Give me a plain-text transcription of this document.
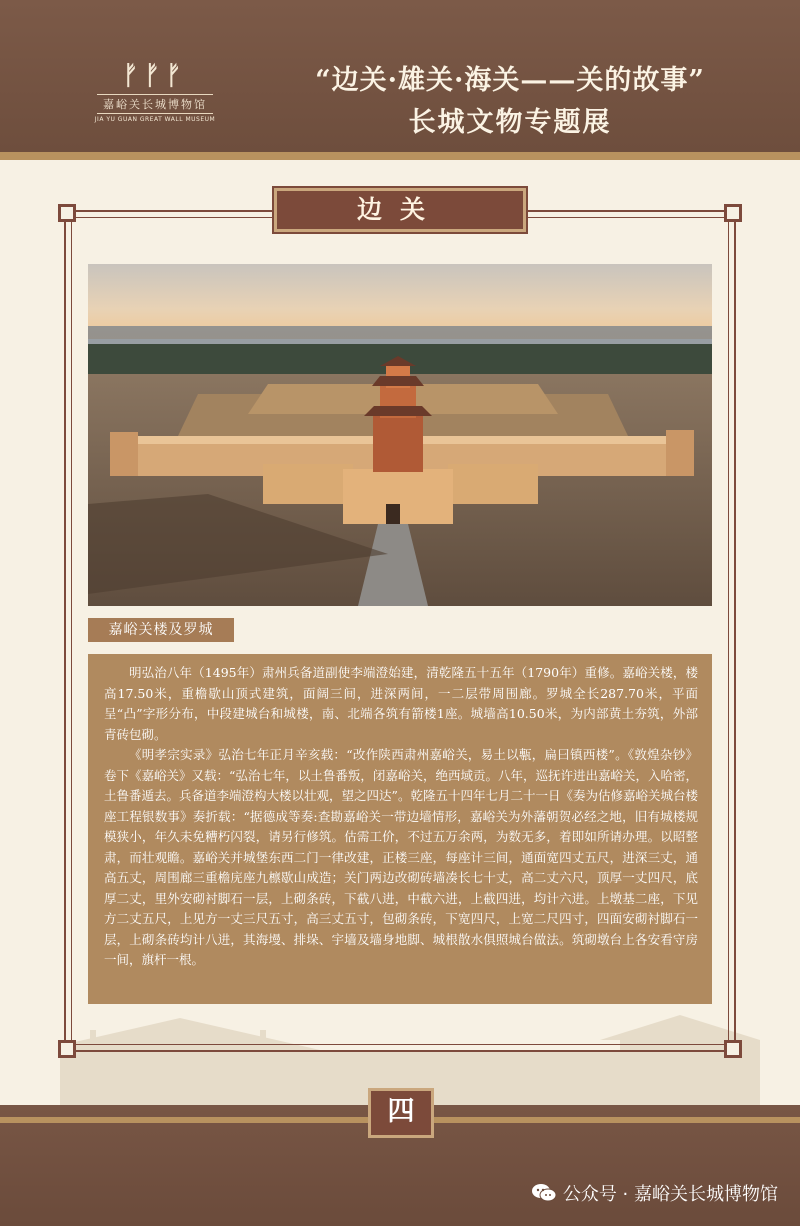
ᚠᚠᚠ
嘉峪关长城博物馆
JIA YU GUAN GREAT WALL MUSEUM
“边关·雄关·海关——关的故事”
长城文物专题展
边关
嘉峪关楼及罗城

明弘治八年（1495年）肃州兵备道副使李端澄始建，清乾隆五十五年（1790年）重修。嘉峪关楼，楼高17.50米，重檐歇山顶式建筑，面阔三间，进深两间，一二层带周围廊。罗城全长287.70米，平面呈“凸”字形分布，中段建城台和城楼，南、北端各筑有箭楼1座。城墙高10.50米，为内部黄土夯筑，外部青砖包砌。

《明孝宗实录》弘治七年正月辛亥载：“改作陕西肃州嘉峪关，易土以甎，扁曰镇西楼”。《敦煌杂钞》卷下《嘉峪关》又载：“弘治七年，以土鲁番叛，闭嘉峪关，绝西域贡。八年，巡抚许进出嘉峪关，入哈密，土鲁番遁去。兵备道李端澄构大楼以壮观，望之四达”。乾隆五十四年七月二十一日《奏为估修嘉峪关城台楼座工程银数事》奏折载：“据德成等奏:查勘嘉峪关一带边墙情形，嘉峪关为外藩朝贺必经之地，旧有城楼规模狭小，年久未免糟朽闪裂，请另行修筑。估需工价，不过五万余两，为数无多，着即如所请办理。以昭整肃，而壮观瞻。嘉峪关并城堡东西二门一律改建，正楼三座，每座计三间，通面宽四丈五尺，进深三丈，通高五丈，周围廊三重檐庑座九檩歇山成造；关门两边改砌砖墙凑长七十丈，高二丈六尺，顶厚一丈四尺，底厚二丈，里外安砌衬脚石一层，上砌条砖，下截八进，中截六进，上截四进，均计六进。上墩基二座，下见方二丈五尺，上见方一丈三尺五寸，高三丈五寸，包砌条砖，下宽四尺，上宽二尺四寸，四面安砌衬脚石一层，上砌条砖均计八进，其海墁、排垛、宇墙及墙身地脚、城根散水俱照城台做法。筑砌墩台上各安看守房一间，旗杆一根。

四
公众号 · 嘉峪关长城博物馆
